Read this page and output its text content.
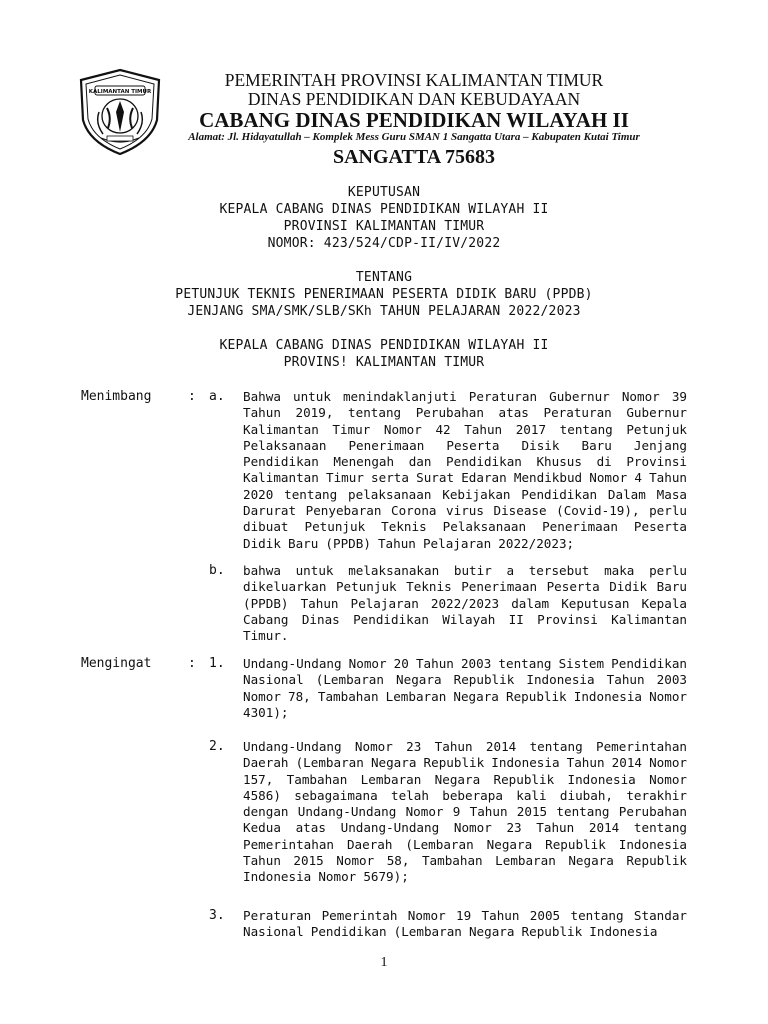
KALIMANTAN TIMUR
PEMERINTAH PROVINSI KALIMANTAN TIMUR
DINAS PENDIDIKAN DAN KEBUDAYAAN
CABANG DINAS PENDIDIKAN WILAYAH II
Alamat: Jl. Hidayatullah – Komplek Mess Guru SMAN 1 Sangatta Utara – Kabupaten Kutai Timur
SANGATTA 75683
KEPUTUSAN
KEPALA CABANG DINAS PENDIDIKAN WILAYAH II
PROVINSI KALIMANTAN TIMUR
NOMOR: 423/524/CDP-II/IV/2022
TENTANG
PETUNJUK TEKNIS PENERIMAAN PESERTA DIDIK BARU (PPDB)
JENJANG SMA/SMK/SLB/SKh TAHUN PELAJARAN 2022/2023
KEPALA CABANG DINAS PENDIDIKAN WILAYAH II
PROVINS! KALIMANTAN TIMUR
Menimbang	: a. Bahwa untuk menindaklanjuti Peraturan Gubernur Nomor 39 Tahun 2019, tentang Perubahan atas Peraturan Gubernur Kalimantan Timur Nomor 42 Tahun 2017 tentang Petunjuk Pelaksanaan Penerimaan Peserta Disik Baru Jenjang Pendidikan Menengah dan Pendidikan Khusus di Provinsi Kalimantan Timur serta Surat Edaran Mendikbud Nomor 4 Tahun 2020 tentang pelaksanaan Kebijakan Pendidikan Dalam Masa Darurat Penyebaran Corona virus Disease (Covid-19), perlu dibuat Petunjuk Teknis Pelaksanaan Penerimaan Peserta Didik Baru (PPDB) Tahun Pelajaran 2022/2023;
b. bahwa untuk melaksanakan butir a tersebut maka perlu dikeluarkan Petunjuk Teknis Penerimaan Peserta Didik Baru (PPDB) Tahun Pelajaran 2022/2023 dalam Keputusan Kepala Cabang Dinas Pendidikan Wilayah II Provinsi Kalimantan Timur.
Mengingat	: 1. Undang-Undang Nomor 20 Tahun 2003 tentang Sistem Pendidikan Nasional (Lembaran Negara Republik Indonesia Tahun 2003 Nomor 78, Tambahan Lembaran Negara Republik Indonesia Nomor 4301);
2. Undang-Undang Nomor 23 Tahun 2014 tentang Pemerintahan Daerah (Lembaran Negara Republik Indonesia Tahun 2014 Nomor 157, Tambahan Lembaran Negara Republik Indonesia Nomor 4586) sebagaimana telah beberapa kali diubah, terakhir dengan Undang-Undang Nomor 9 Tahun 2015 tentang Perubahan Kedua atas Undang-Undang Nomor 23 Tahun 2014 tentang Pemerintahan Daerah (Lembaran Negara Republik Indonesia Tahun 2015 Nomor 58, Tambahan Lembaran Negara Republik Indonesia Nomor 5679);
3. Peraturan Pemerintah Nomor 19 Tahun 2005 tentang Standar Nasional Pendidikan (Lembaran Negara Republik Indonesia
1
